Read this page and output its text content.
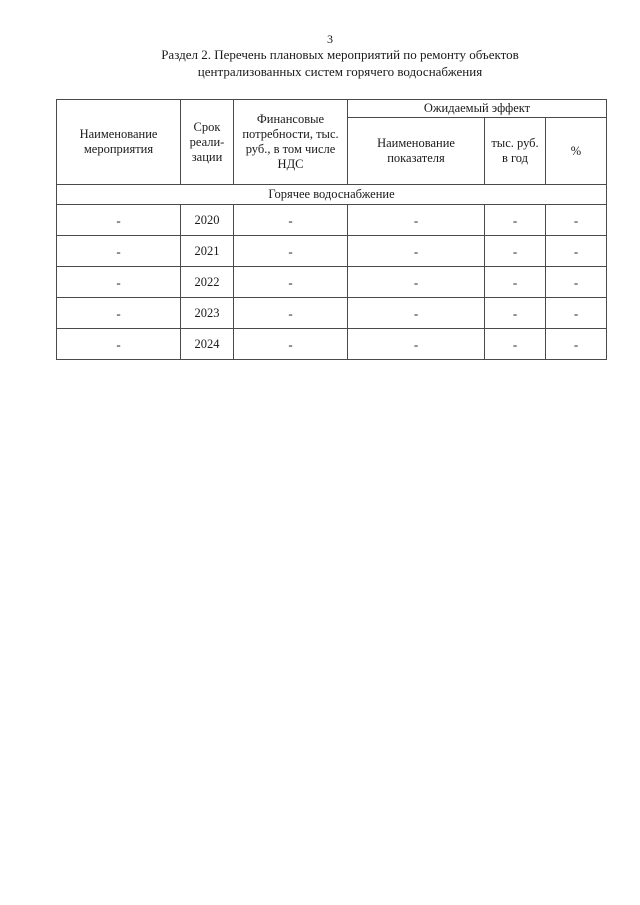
3
Раздел 2. Перечень плановых мероприятий по ремонту объектов
централизованных систем горячего водоснабжения
Наименование мероприятия	Срок реали-зации	Финансовые потребности, тыс. руб., в том числе НДС	Ожидаемый эффект		
			Наименование показателя	тыс. руб. в год	%
Горячее водоснабжение					
-	2020	-	-	-	-
-	2021	-	-	-	-
-	2022	-	-	-	-
-	2023	-	-	-	-
-	2024	-	-	-	-
